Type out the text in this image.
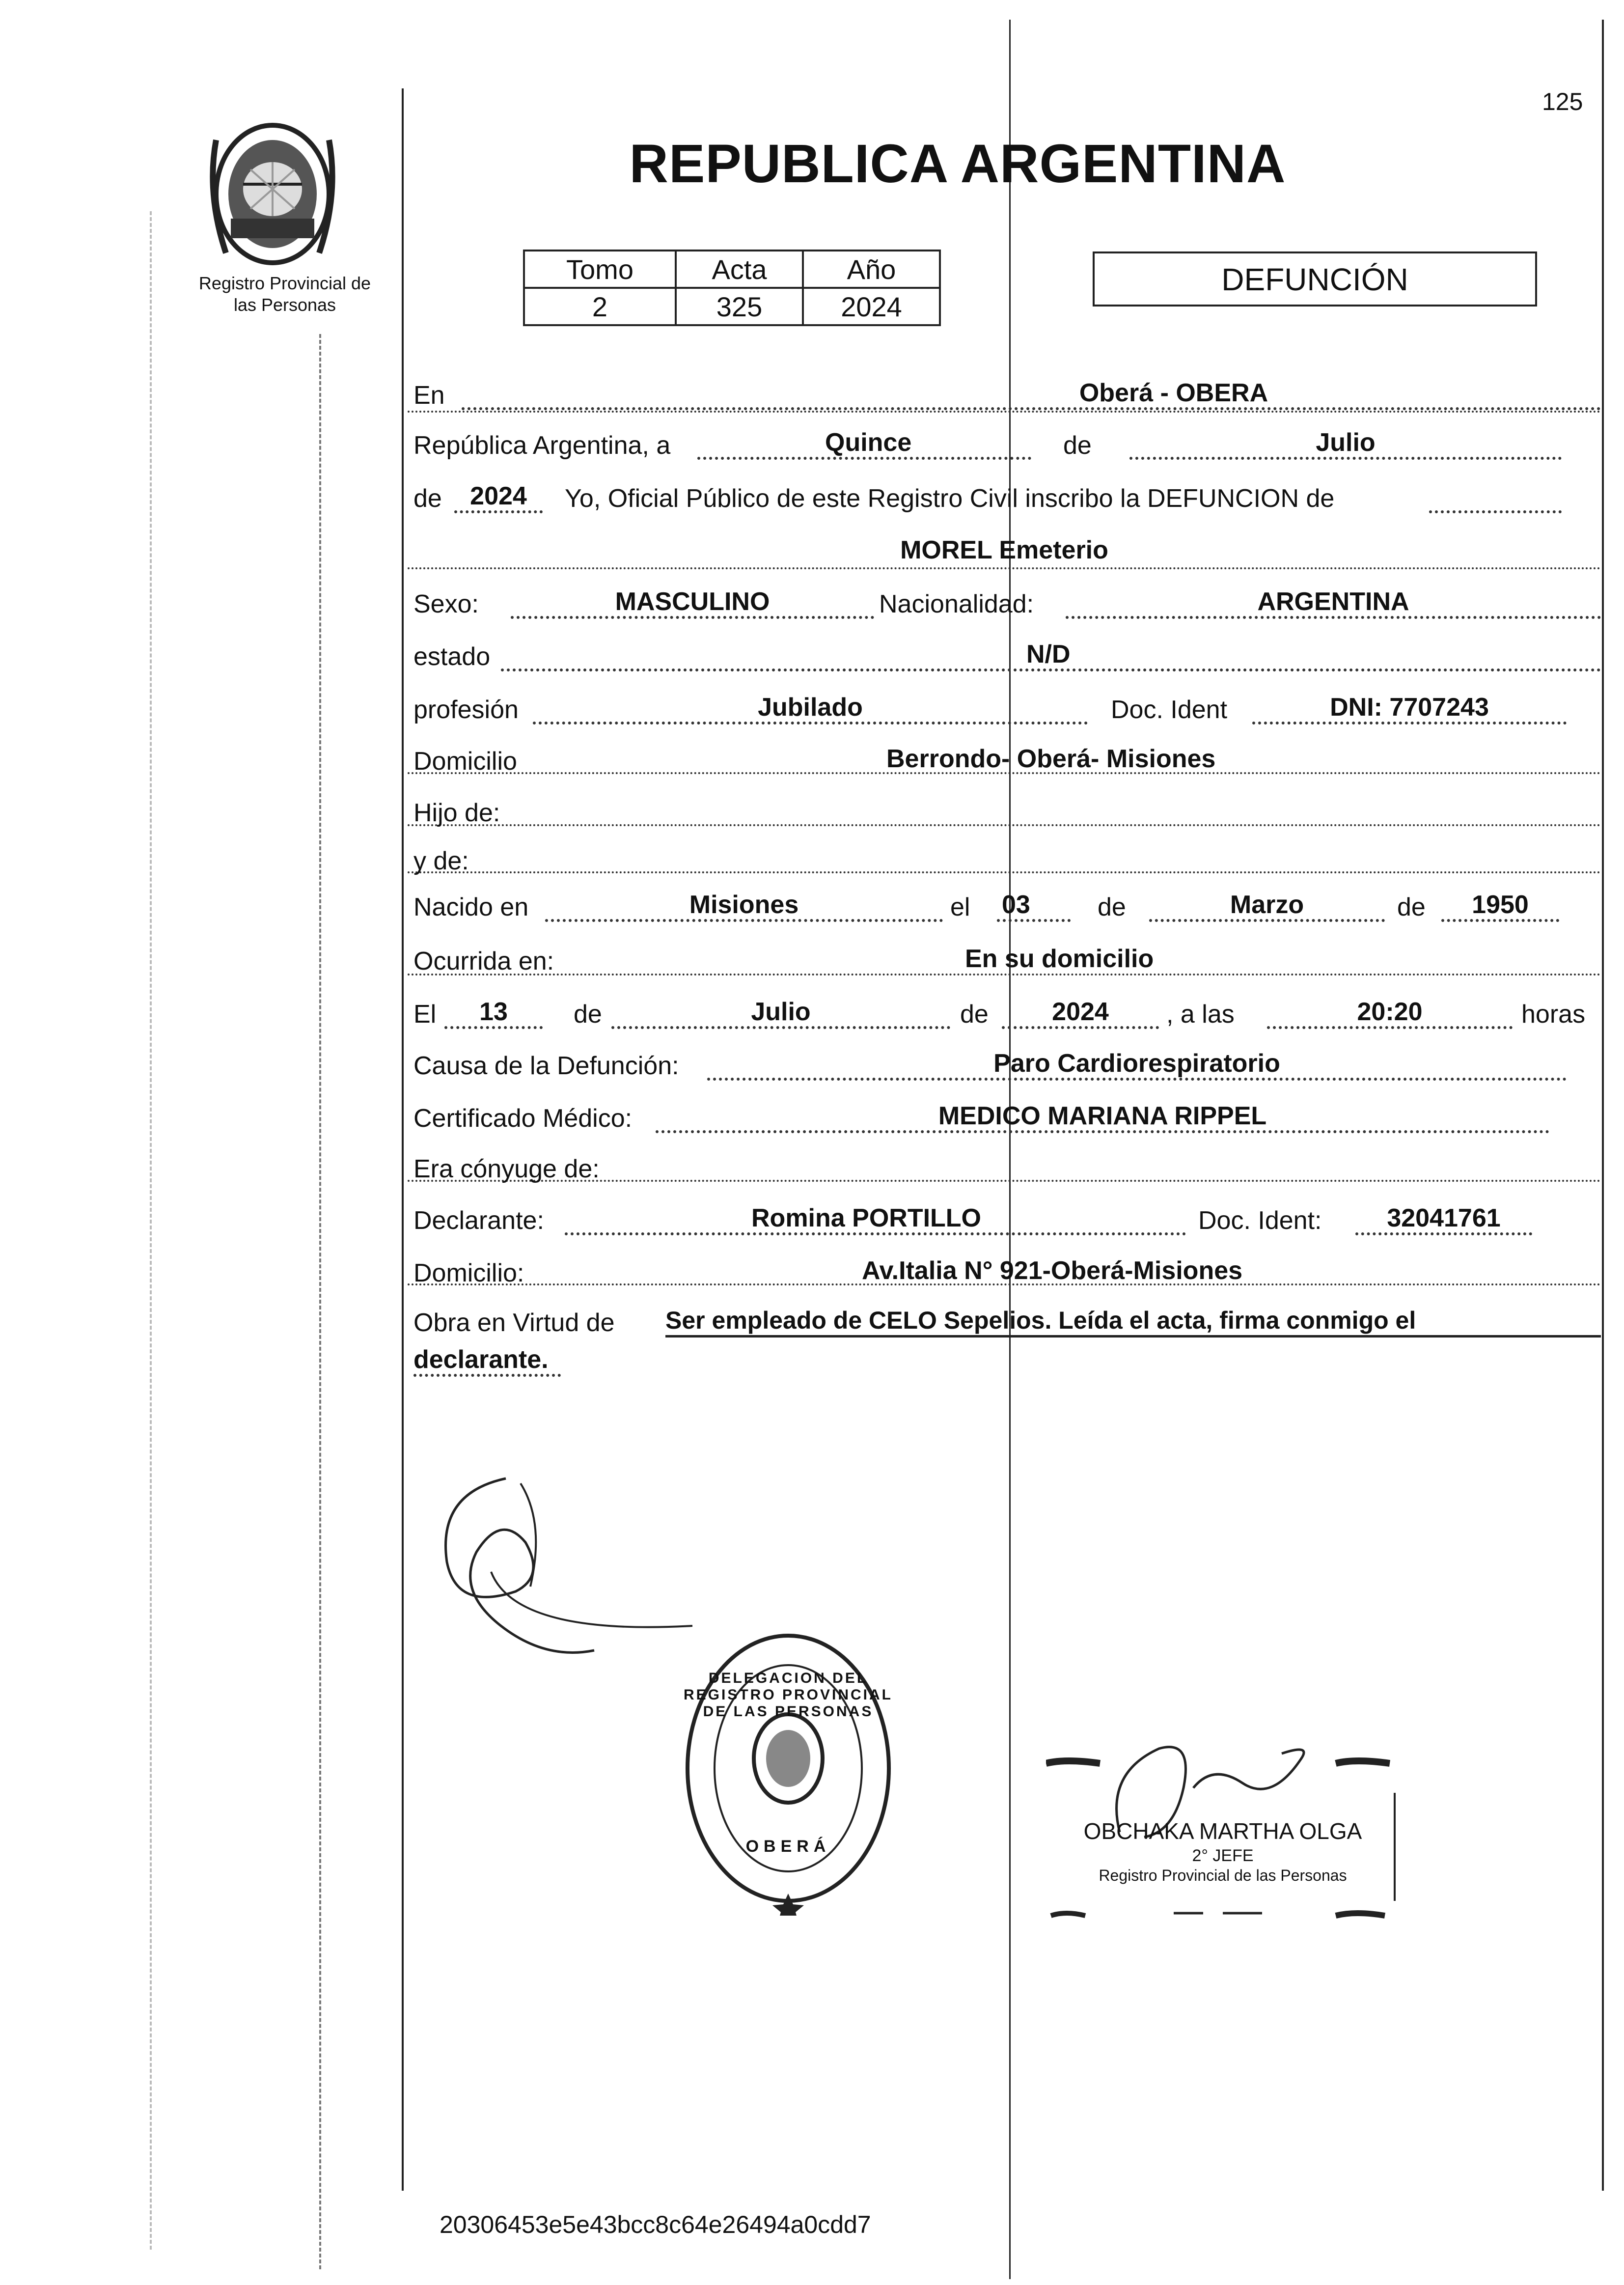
125
Registro Provincial de
las Personas
REPUBLICA ARGENTINA
Tomo	Acta	Año
2	325	2024
DEFUNCIÓN
En	Oberá - OBERA
República Argentina, a	Quince	de	Julio
de	2024	Yo, Oficial Público de este Registro Civil inscribo la DEFUNCION de
MOREL Emeterio
Sexo:	MASCULINO	Nacionalidad:	ARGENTINA
estado	N/D
profesión	Jubilado	Doc. Ident	DNI: 7707243
Domicilio	Berrondo- Oberá- Misiones
Hijo de:
y de:
Nacido en	Misiones	el 03	de	Marzo	de	1950
Ocurrida en:	En su domicilio
El	13	de	Julio	de	2024	, a las	20:20	horas
Causa de la Defunción:	Paro Cardiorespiratorio
Certificado Médico:	MEDICO MARIANA RIPPEL
Era cónyuge de:
Declarante:	Romina PORTILLO	Doc. Ident:	32041761
Domicilio:	Av.Italia N° 921-Oberá-Misiones
Obra en Virtud de Ser empleado de CELO Sepelios. Leída el acta, firma conmigo el
declarante.
DELEGACION DEL REGISTRO PROVINCIAL DE LAS PERSONAS
OBERÁ
OBCHAKA MARTHA OLGA
2° JEFE
Registro Provincial de las Personas
20306453e5e43bcc8c64e26494a0cdd7
